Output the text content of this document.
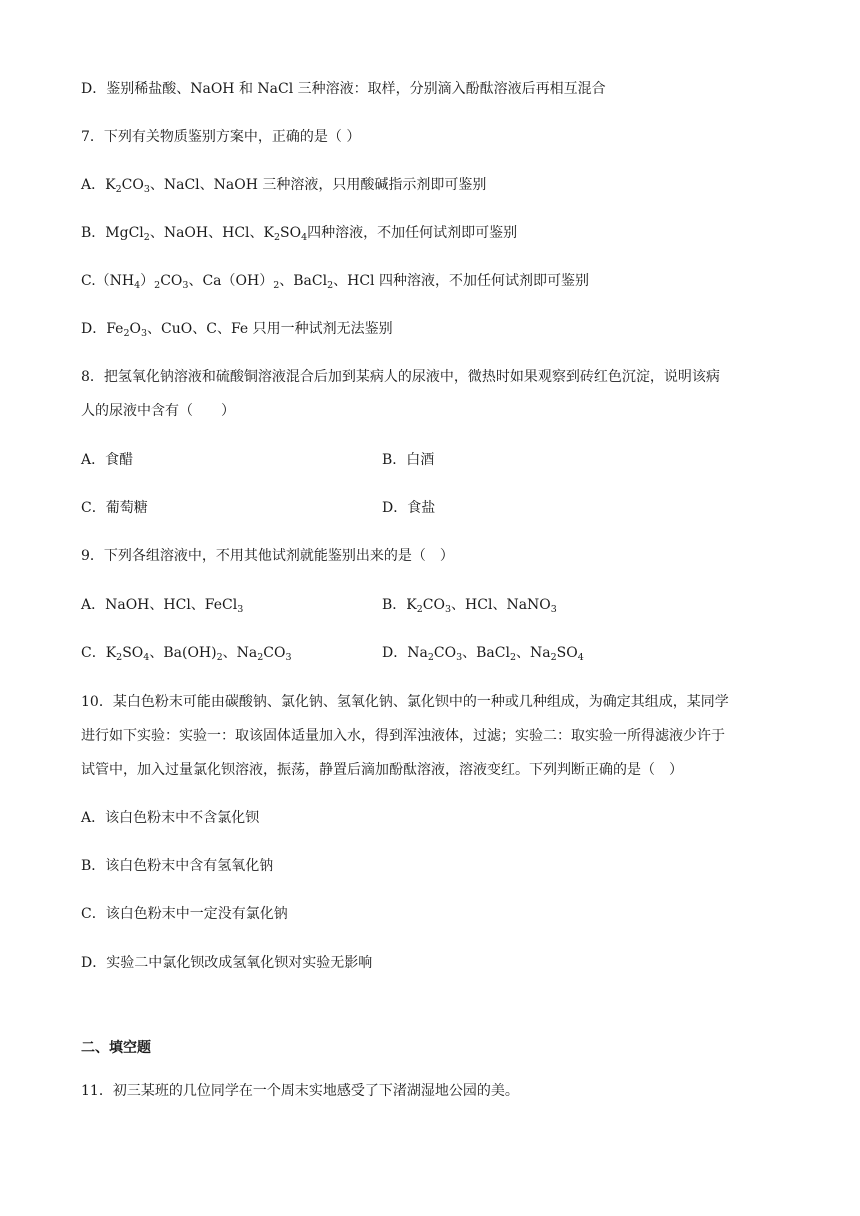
D．鉴别稀盐酸、NaOH 和 NaCl 三种溶液：取样，分别滴入酚酞溶液后再相互混合
7．下列有关物质鉴别方案中，正确的是（ ）
A．$K_2CO_3$、NaCl、NaOH 三种溶液，只用酸碱指示剂即可鉴别
B．MgCl$_2$、NaOH、HCl、$K_2SO_4$四种溶液，不加任何试剂即可鉴别
$C.(NH_4)_2CO_3$、$Ca(OH)_2$、BaCl$_2$、HCl 四种溶液，不加任何试剂即可鉴别
D．$Fe_2O_3$、CuO、C、Fe 只用一种试剂无法鉴别
8．把氢氧化钠溶液和硫酸铜溶液混合后加到某病人的尿液中，微热时如果观察到砖红色沉淀，说明该病
人的尿液中含有（　　）
A．食醋	B．白酒
C．葡萄糖	D．食盐
9．下列各组溶液中，不用其他试剂就能鉴别出来的是（　）
A．NaOH、HCl、FeCl$_3$	B．$K_2CO_3$、HCl、NaNO$_3$
C．$K_2SO_4$、$Ba(OH)_2$、$Na_2CO_3$	D．$Na_2CO_3$、BaCl$_2$、$Na_2SO_4$
10．某白色粉末可能由碳酸钠、氯化钠、氢氧化钠、氯化钡中的一种或几种组成，为确定其组成，某同学
进行如下实验：实验一：取该固体适量加入水，得到浑浊液体，过滤；实验二：取实验一所得滤液少许于
试管中，加入过量氯化钡溶液，振荡，静置后滴加酚酞溶液，溶液变红。下列判断正确的是（　）
A．该白色粉末中不含氯化钡
B．该白色粉末中含有氢氧化钠
C．该白色粉末中一定没有氯化钠
D．实验二中氯化钡改成氢氧化钡对实验无影响
二、填空题
11．初三某班的几位同学在一个周末实地感受了下渚湖湿地公园的美。
